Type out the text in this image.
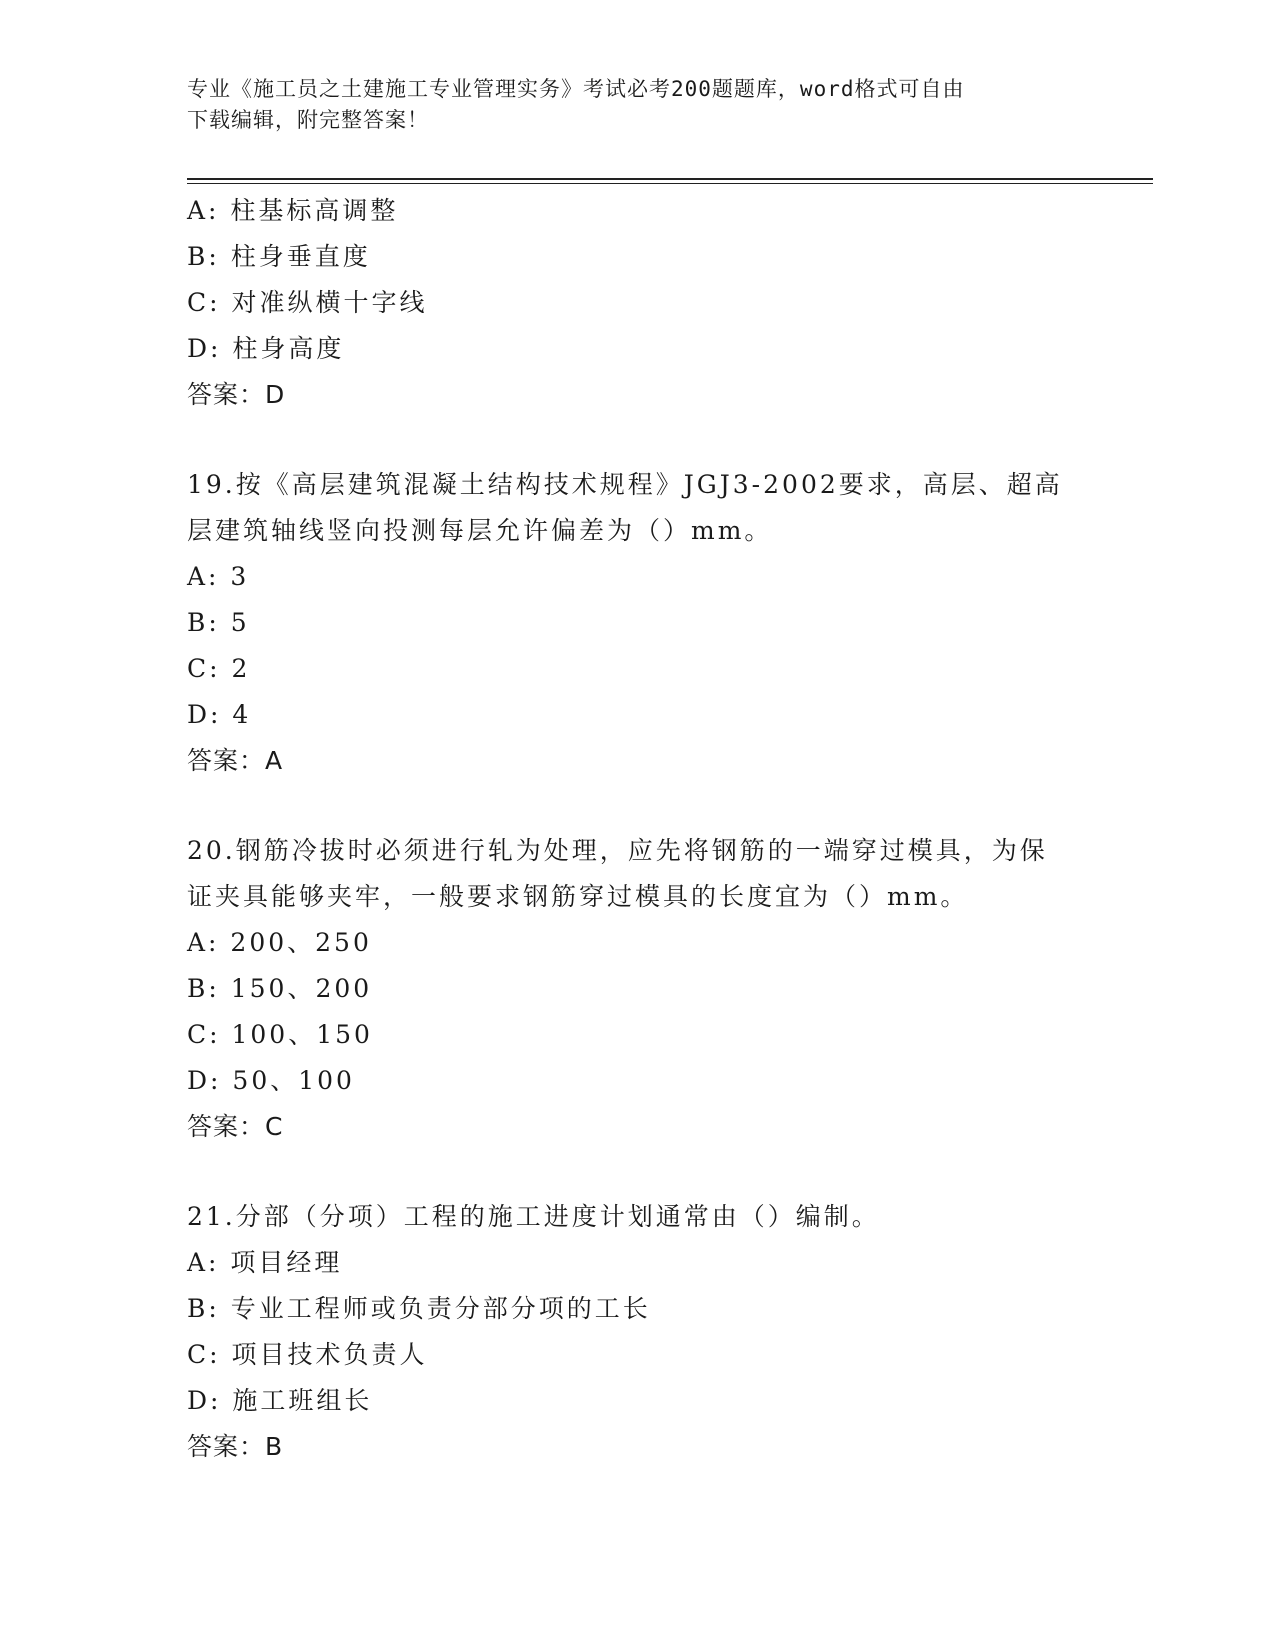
专业《施工员之土建施工专业管理实务》考试必考200题题库，word格式可自由
下载编辑，附完整答案！
A: 柱基标高调整
B: 柱身垂直度
C: 对准纵横十字线
D: 柱身高度
答案：D
19.按《高层建筑混凝土结构技术规程》JGJ3-2002要求，高层、超高
层建筑轴线竖向投测每层允许偏差为（）mm。
A: 3
B: 5
C: 2
D: 4
答案：A
20.钢筋冷拔时必须进行轧为处理，应先将钢筋的一端穿过模具，为保
证夹具能够夹牢，一般要求钢筋穿过模具的长度宜为（）mm。
A: 200、250
B: 150、200
C: 100、150
D: 50、100
答案：C
21.分部（分项）工程的施工进度计划通常由（）编制。
A: 项目经理
B: 专业工程师或负责分部分项的工长
C: 项目技术负责人
D: 施工班组长
答案：B
